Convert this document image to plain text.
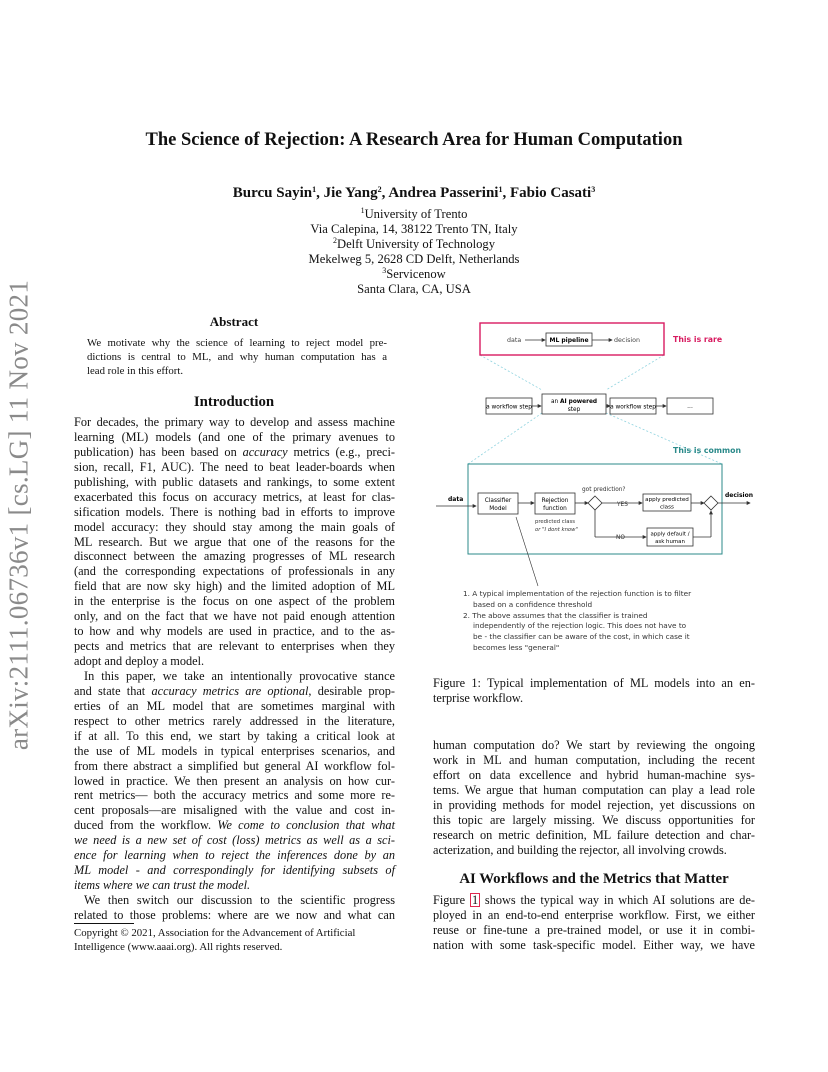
arXiv:2111.06736v1 [cs.LG] 11 Nov 2021
The Science of Rejection: A Research Area for Human Computation
Burcu Sayin$^1$, Jie Yang$^2$, Andrea Passerini$^1$, Fabio Casati$^3$
$^1$University of Trento
Via Calepina, 14, 38122 Trento TN, Italy
$^2$Delft University of Technology
Mekelweg 5, 2628 CD Delft, Netherlands
$^3$Servicenow
Santa Clara, CA, USA
Abstract
We motivate why the science of learning to reject model pre-
dictions is central to ML, and why human computation has a
lead role in this effort.
Introduction
For decades, the primary way to develop and assess machine
learning (ML) models (and one of the primary avenues to
publication) has been based on accuracy metrics (e.g., preci-
sion, recall, F1, AUC). The need to beat leader-boards when
publishing, with public datasets and rankings, to some extent
exacerbated this focus on accuracy metrics, at least for clas-
sification models. There is nothing bad in efforts to improve
model accuracy: they should stay among the main goals of
ML research. But we argue that one of the reasons for the
disconnect between the amazing progresses of ML research
(and the corresponding expectations of professionals in any
field that are now sky high) and the limited adoption of ML
in the enterprise is the focus on one aspect of the problem
only, and on the fact that we have not paid enough attention
to how and why models are used in practice, and to the as-
pects and metrics that are relevant to enterprises when they
adopt and deploy a model.
In this paper, we take an intentionally provocative stance
and state that accuracy metrics are optional, desirable prop-
erties of an ML model that are sometimes marginal with
respect to other metrics rarely addressed in the literature,
if at all. To this end, we start by taking a critical look at
the use of ML models in typical enterprises scenarios, and
from there abstract a simplified but general AI workflow fol-
lowed in practice. We then present an analysis on how cur-
rent metrics— both the accuracy metrics and some more re-
cent proposals—are misaligned with the value and cost in-
duced from the workflow. We come to conclusion that what
we need is a new set of cost (loss) metrics as well as a sci-
ence for learning when to reject the inferences done by an
ML model - and correspondingly for identifying subsets of
items where we can trust the model.
We then switch our discussion to the scientific progress
related to those problems: where are we now and what can
Copyright © 2021, Association for the Advancement of Artificial
Intelligence (www.aaai.org). All rights reserved.
data	ML pipeline	decision	This is rare
a workflow step
an AI powered
step	a workflow step	...
This is common
data	Classifier
Model
Rejection
function
got prediction?
YES
apply predicted
class
NO
apply default /
ask human
decision
predicted class
or "I dont know"
1. A typical implementation of the rejection function is to filter
based on a confidence threshold
2. The above assumes that the classifier is trained
independently of the rejection logic. This does not have to
be - the classifier can be aware of the cost, in which case it
becomes less "general"
Figure 1: Typical implementation of ML models into an en-
terprise workflow.
human computation do? We start by reviewing the ongoing
work in ML and human computation, including the recent
effort on data excellence and hybrid human-machine sys-
tems. We argue that human computation can play a lead role
in providing methods for model rejection, yet discussions on
this topic are largely missing. We discuss opportunities for
research on metric definition, ML failure detection and char-
acterization, and building the rejector, all involving crowds.
AI Workflows and the Metrics that Matter
Figure 1 shows the typical way in which AI solutions are de-
ployed in an end-to-end enterprise workflow. First, we either
reuse or fine-tune a pre-trained model, or use it in combi-
nation with some task-specific model. Either way, we have
